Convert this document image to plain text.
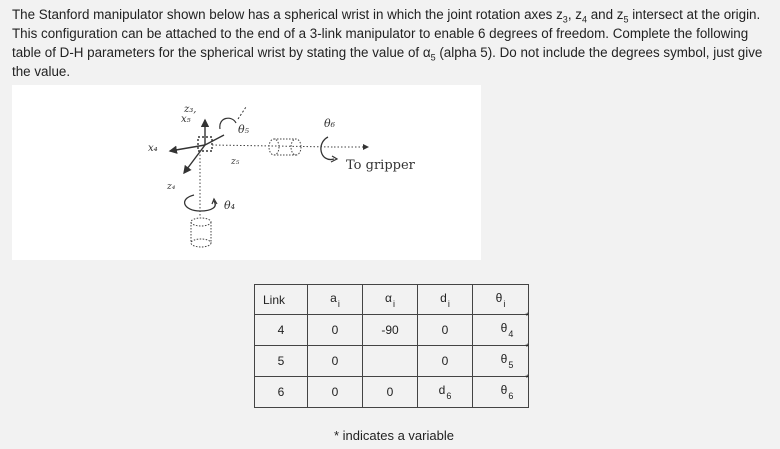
The Stanford manipulator shown below has a spherical wrist in which the joint rotation axes $z_3$, $z_4$ and $z_5$ intersect at the origin. This configuration can be attached to the end of a 3-link manipulator to enable 6 degrees of freedom. Complete the following table of D-H parameters for the spherical wrist by stating the value of $\alpha_5$ (alpha 5). Do not include the degrees symbol, just give the value.

z₃,
x₅
θ₅	θ₆
x₄
z₅	To gripper
z₄
θ₄
Link	$a_i$	$\alpha_i$	$d_i$	$\theta_i$
4	0	-90	0	$\theta_4$
*

5	0		0	$\theta_5$
*

6	0	0	$d_6$	$\theta_6$
*
* indicates a variable
